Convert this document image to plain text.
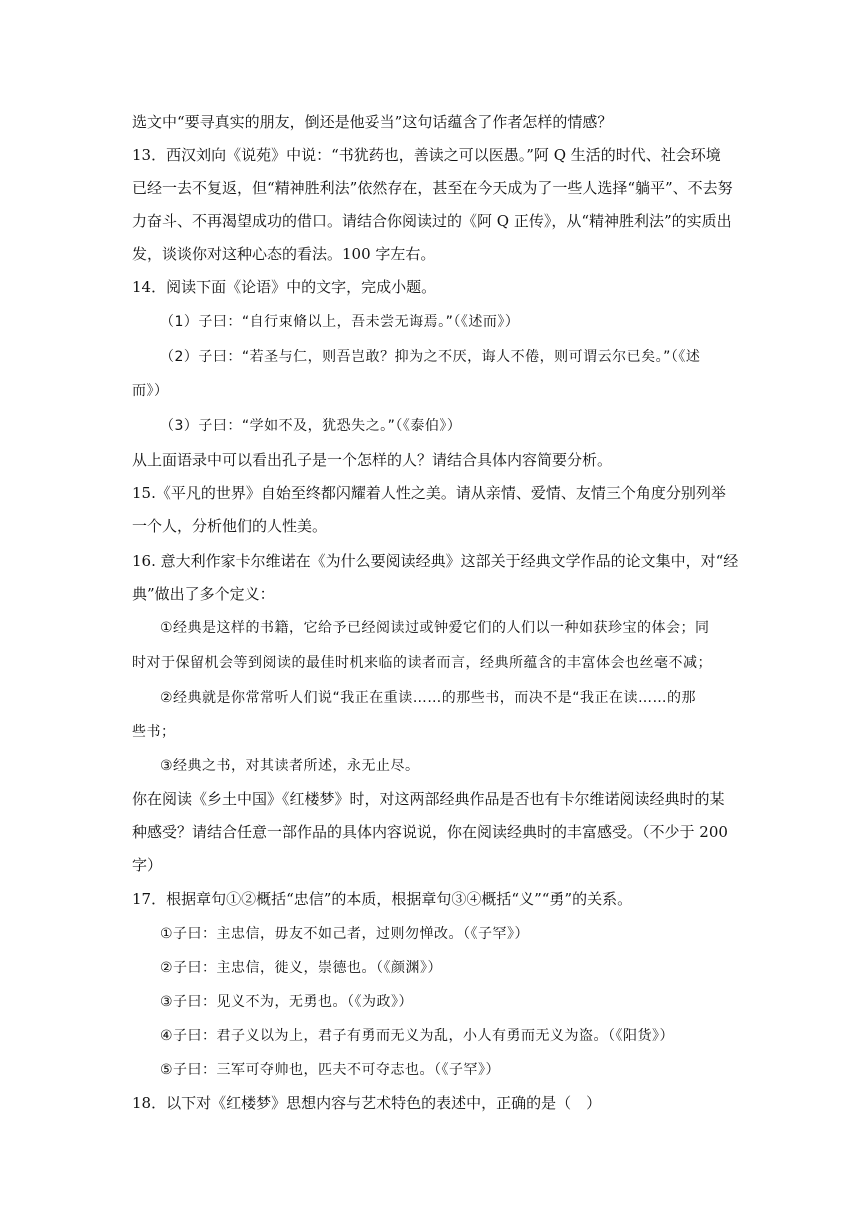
选文中“要寻真实的朋友，倒还是他妥当”这句话蕴含了作者怎样的情感？
13．西汉刘向《说苑》中说：“书犹药也，善读之可以医愚。”阿 Q 生活的时代、社会环境
已经一去不复返，但“精神胜利法”依然存在，甚至在今天成为了一些人选择“躺平”、不去努
力奋斗、不再渴望成功的借口。请结合你阅读过的《阿 Q 正传》，从“精神胜利法”的实质出
发，谈谈你对这种心态的看法。100 字左右。
14．阅读下面《论语》中的文字，完成小题。
（1）子曰：“自行束脩以上，吾未尝无诲焉。”（《述而》）
（2）子曰：“若圣与仁，则吾岂敢？抑为之不厌，诲人不倦，则可谓云尔已矣。”（《述
而》）
（3）子曰：“学如不及，犹恐失之。”（《泰伯》）
从上面语录中可以看出孔子是一个怎样的人？请结合具体内容简要分析。
15.《平凡的世界》自始至终都闪耀着人性之美。请从亲情、爱情、友情三个角度分别列举
一个人，分析他们的人性美。
16. 意大利作家卡尔维诺在《为什么要阅读经典》这部关于经典文学作品的论文集中，对“经
典”做出了多个定义：
①经典是这样的书籍，它给予已经阅读过或钟爱它们的人们以一种如获珍宝的体会；同
时对于保留机会等到阅读的最佳时机来临的读者而言，经典所蕴含的丰富体会也丝毫不减；
②经典就是你常常听人们说“我正在重读……的那些书，而决不是“我正在读……的那
些书；
③经典之书，对其读者所述，永无止尽。
你在阅读《乡土中国》《红楼梦》时，对这两部经典作品是否也有卡尔维诺阅读经典时的某
种感受？请结合任意一部作品的具体内容说说，你在阅读经典时的丰富感受。（不少于 200
字）
17．根据章句①②概括“忠信”的本质，根据章句③④概括“义”“勇”的关系。
①子曰：主忠信，毋友不如己者，过则勿惮改。（《子罕》）
②子曰：主忠信，徙义，崇德也。（《颜渊》）
③子曰：见义不为，无勇也。（《为政》）
④子曰：君子义以为上，君子有勇而无义为乱，小人有勇而无义为盗。（《阳货》）
⑤子曰：三军可夺帅也，匹夫不可夺志也。（《子罕》）
18．以下对《红楼梦》思想内容与艺术特色的表述中，正确的是（　）
